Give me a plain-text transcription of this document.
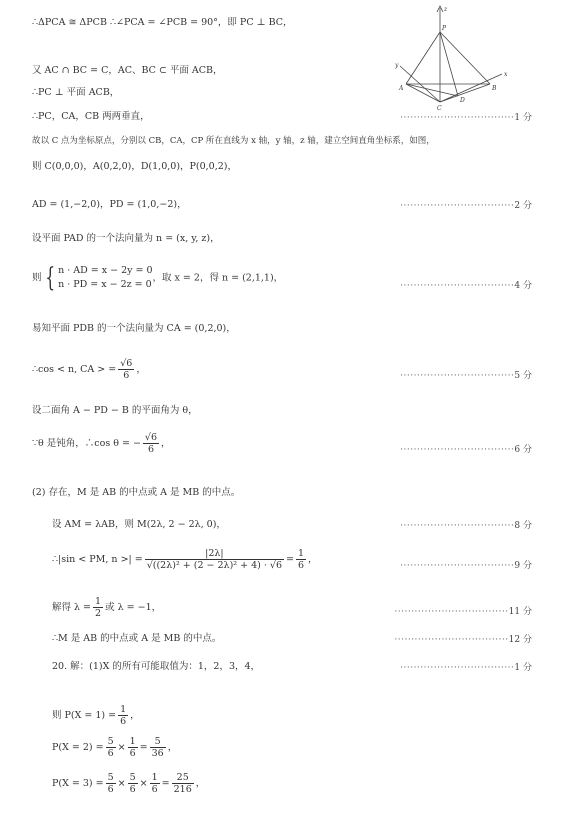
z
P
y
x
A	B
C
D
∴ΔPCA ≅ ΔPCB ∴∠PCA = ∠PCB = 90°，即 PC ⊥ BC，
又 AC ∩ BC = C，AC、BC ⊂ 平面 ACB，
∴PC ⊥ 平面 ACB，
∴PC，CA，CB 两两垂直，	··································1 分
故以 C 点为坐标原点，分别以 CB，CA，CP 所在直线为 x 轴，y 轴，z 轴，建立空间直角坐标系，如图，
则 C(0,0,0)，A(0,2,0)，D(1,0,0)，P(0,0,2)，
AD = (1,−2,0)，PD = (1,0,−2)，	··································2 分
设平面 PAD 的一个法向量为 n = (x, y, z)，
则 { n · AD = x − 2y = 0
n · PD = x − 2z = 0
，取 x = 2，得 n = (2,1,1)，
··································4 分
易知平面 PDB 的一个法向量为 CA = (0,2,0)，
∴cos < n, CA > = $\frac{√6}{6}$ ，
··································5 分
设二面角 A − PD − B 的平面角为 θ，
∵θ 是钝角，∴cos θ = − $\frac{√6}{6}$ ，
··································6 分
(2) 存在，M 是 AB 的中点或 A 是 MB 的中点。
设 AM = λAB，则 M(2λ, 2 − 2λ, 0)，	··································8 分
∴|sin < PM, n >| = $\frac{|2\lambda|}{\text{√((2λ)² + (2 − 2λ)² + 4) · √6}} = \frac{1}{6}$ ，
··································9 分
解得 $\lambda = \frac{1}{2}$ 或 λ = −1，	··································11 分
∴M 是 AB 的中点或 A 是 MB 的中点。	··································12 分
20. 解：(1)X 的所有可能取值为：1，2，3，4，	··································1 分
则 $P(X = 1) = \frac{1}{6}$ ，
$P(X = 2) = \frac{5}{6} \times \frac{1}{6} = \frac{5}{36}$ ，
$P(X = 3) = \frac{5}{6} \times \frac{5}{6} \times \frac{1}{6} = \frac{25}{216}$ ，
